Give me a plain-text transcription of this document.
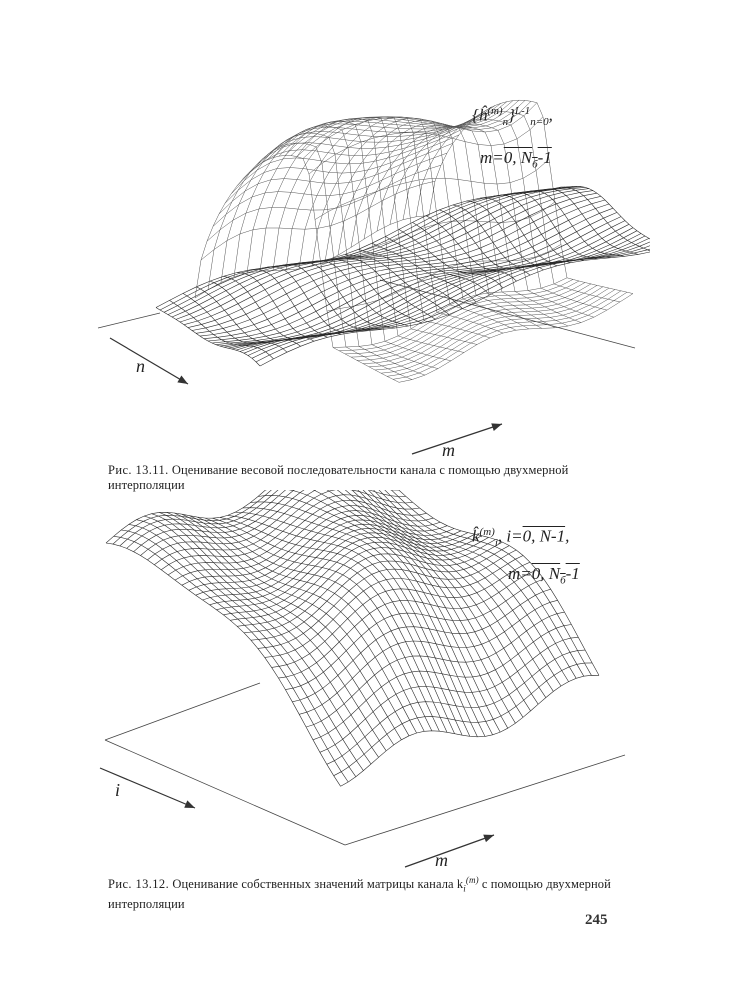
$\{ĥ^{(m)}_n\}^{L-1}_{n=0}$,
m=0, $N_б-1$
n
m
Рис. 13.11. Оценивание весовой последовательности канала с помощью двухмерной интерполяции
k̂$^{(m)}_i$, i=0, N-1,
m=0, $N_б-1$
i
m
Рис. 13.12. Оценивание собственных значений матрицы канала $k_i^{(m)}$ с помощью двухмерной интерполяции
245
